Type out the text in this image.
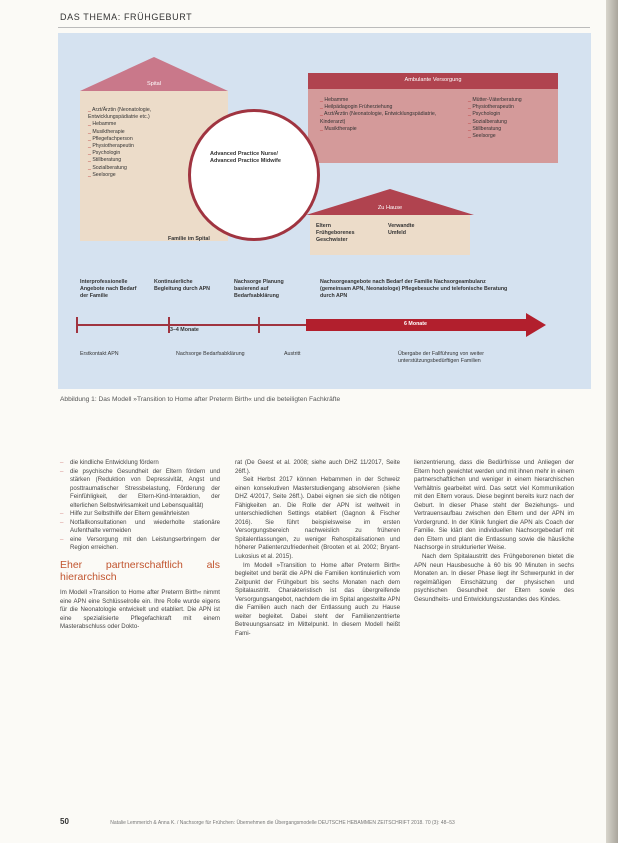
DAS THEMA: FRÜHGEBURT
Spital
_ Arzt/Ärztin (Neonatologie, Entwicklungspädiatrie etc.)
_ Hebamme
_ Musiktherapie
_ Pflegefachperson
_ Physiotherapeutin
_ Psychologin
_ Stillberatung
_ Sozialberatung
_ Seelsorge
Familie im Spital
Ambulante Versorgung
_ Hebamme
_ Heilpädagogin Früherziehung
_ Arzt/Ärztin (Neonatologie, Entwicklungspädiatrie, Kinderarzt)
_ Musiktherapie
_ Mütter-Väterberatung
_ Physiotherapeutin
_ Psychologin
_ Sozialberatung
_ Stillberatung
_ Seelsorge
Zu Hause
Eltern
Frühgeborenes
Geschwister
Verwandte
Umfeld
Advanced Practice Nurse/ Advanced Practice Midwife
Interprofessionelle Angebote nach Bedarf der Familie
Kontinuierliche Begleitung durch APN
Nachsorge Planung basierend auf Bedarfsabklärung
Nachsorgeangebote nach Bedarf der Familie Nachsorgeambulanz (gemeinsam APN, Neonatologe) Pflegebesuche und telefonische Beratung durch APN
3–4 Monate
6 Monate
Erstkontakt APN	Nachsorge Bedarfsabklärung	Austritt	Übergabe der Fallführung von weiter unterstützungsbedürftigen Familien
Abbildung 1: Das Modell »Transition to Home after Preterm Birth« und die beteiligten Fachkräfte
_ die kindliche Entwicklung fördern
_ die psychische Gesundheit der Eltern fördern und stärken (Reduktion von Depressivität, Angst und posttraumatischer Stressbelastung, Förderung der Feinfühligkeit, der Eltern-Kind-Interaktion, der elterlichen Selbstwirksamkeit und Lebensqualität)
_ Hilfe zur Selbsthilfe der Eltern gewährleisten
_ Notfallkonsultationen und wiederholte stationäre Aufenthalte vermeiden
_ eine Versorgung mit den Leistungserbringern der Region erreichen.
Eher partnerschaftlich als hierarchisch

Im Modell »Transition to Home after Preterm Birth« nimmt eine APN eine Schlüsselrolle ein. Ihre Rolle wurde eigens für die Neonatologie entwickelt und etabliert. Die APN ist eine spezialisierte Pflegefachkraft mit einem Masterabschluss oder Dokto-

rat (De Geest et al. 2008; siehe auch DHZ 11/2017, Seite 26ff.).

Seit Herbst 2017 können Hebammen in der Schweiz einen konsekutiven Masterstudiengang absolvieren (siehe DHZ 4/2017, Seite 26ff.). Dabei eignen sie sich die nötigen Fähigkeiten an. Die Rolle der APN ist weltweit in unterschiedlichen Settings etabliert (Gagnon & Fischer 2016). Sie führt beispielsweise im ersten Versorgungsbereich nachweislich zu früheren Spitalentlassungen, zu weniger Rehospitalisationen und höherer Patientenzufriedenheit (Brooten et al. 2002; Bryant-Lukosius et al. 2015).

Im Modell »Transition to Home after Preterm Birth« begleitet und berät die APN die Familien kontinuierlich vom Zeitpunkt der Frühgeburt bis sechs Monaten nach dem Spitalaustritt. Charakteristisch ist das übergreifende Versorgungsangebot, nachdem die im Spital angestellte APN die Familien auch nach der Entlassung auch zu Hause weiter begleitet. Dabei steht der Familienzentrierte Betreuungsansatz im Mittelpunkt. In diesem Modell heißt Fami-

lienzentrierung, dass die Bedürfnisse und Anliegen der Eltern hoch gewichtet werden und mit ihnen mehr in einem partnerschaftlichen und weniger in einem hierarchischen Verhältnis gearbeitet wird. Das setzt viel Kommunikation mit den Eltern voraus. Diese beginnt bereits kurz nach der Geburt. In dieser Phase steht der Beziehungs- und Vertrauensaufbau zwischen den Eltern und der APN im Vordergrund. In der Klinik fungiert die APN als Coach der Familie. Sie klärt den individuellen Nachsorgebedarf mit den Eltern und plant die Entlassung sowie die häusliche Nachsorge in strukturierter Weise.

Nach dem Spitalaustritt des Frühgeborenen bietet die APN neun Hausbesuche à 60 bis 90 Minuten in sechs Monaten an. In dieser Phase liegt ihr Schwerpunkt in der regelmäßigen Einschätzung der physischen und psychischen Gesundheit der Eltern sowie des Gesundheits- und Entwicklungszustandes des Kindes.

50	Natalie Lemmerich & Anna K. / Nachsorge für Frühchen: Übernehmen die Übergangsmodelle DEUTSCHE HEBAMMEN ZEITSCHRIFT 2018. 70 (3): 48–53
